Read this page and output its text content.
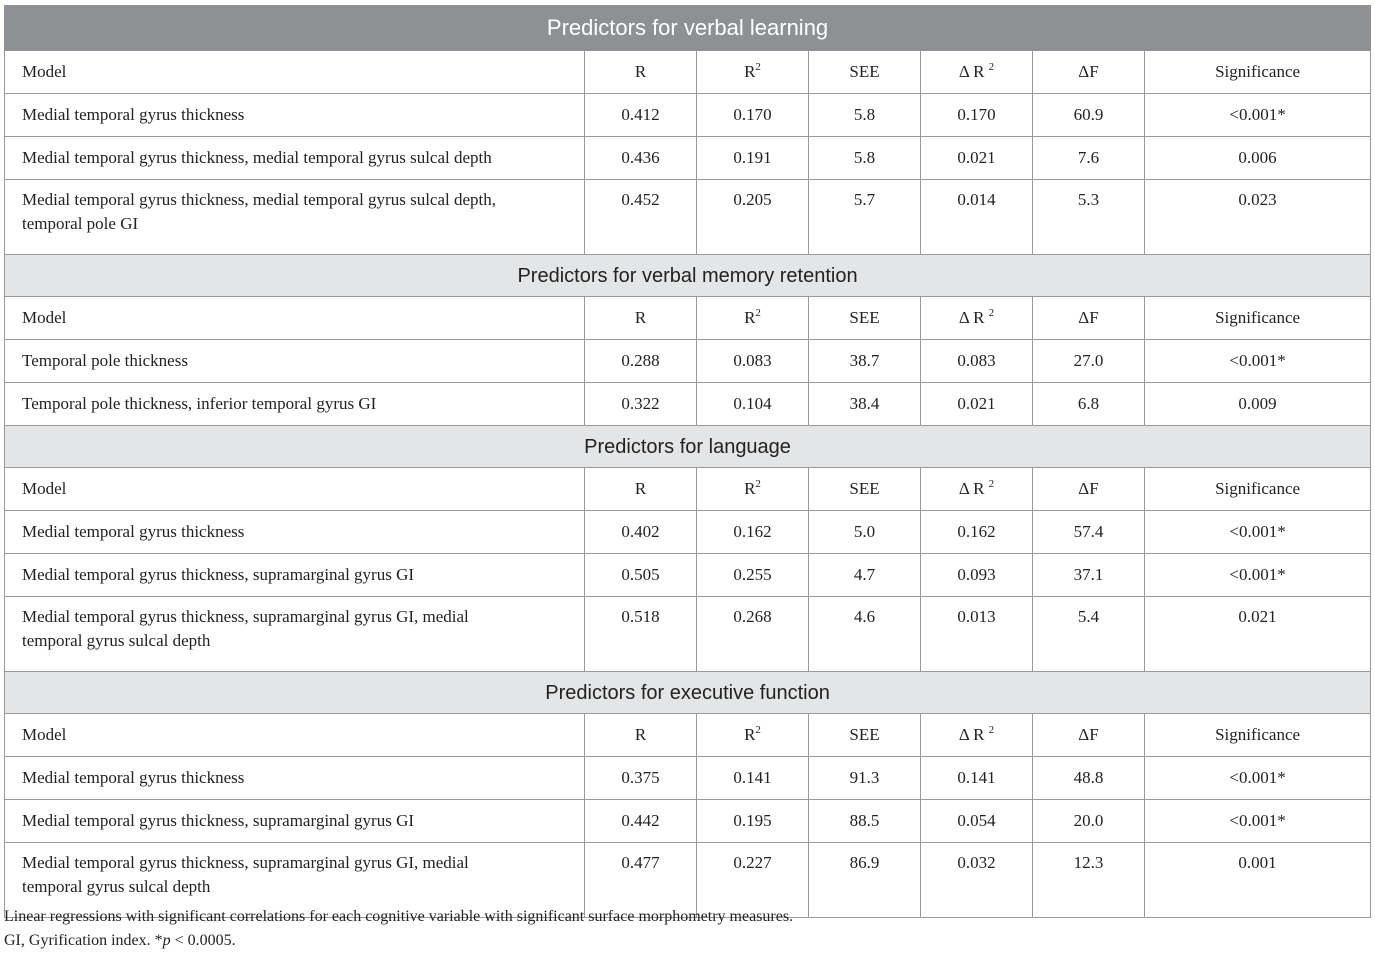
Predictors for verbal learning						
Model	R	$R^2$	SEE	Δ R $^2$	ΔF	Significance
Medial temporal gyrus thickness	0.412	0.170	5.8	0.170	60.9	<0.001*
Medial temporal gyrus thickness, medial temporal gyrus sulcal depth	0.436	0.191	5.8	0.021	7.6	0.006

Medial temporal gyrus thickness, medial temporal gyrus sulcal depth,
temporal pole GI	0.452	0.205	5.7	0.014	5.3	0.023
Predictors for verbal memory retention						
Model	R	$R^2$	SEE	Δ R $^2$	ΔF	Significance
Temporal pole thickness	0.288	0.083	38.7	0.083	27.0	<0.001*
Temporal pole thickness, inferior temporal gyrus GI	0.322	0.104	38.4	0.021	6.8	0.009
Predictors for language						
Model	R	$R^2$	SEE	Δ R $^2$	ΔF	Significance
Medial temporal gyrus thickness	0.402	0.162	5.0	0.162	57.4	<0.001*
Medial temporal gyrus thickness, supramarginal gyrus GI	0.505	0.255	4.7	0.093	37.1	<0.001*

Medial temporal gyrus thickness, supramarginal gyrus GI, medial
temporal gyrus sulcal depth	0.518	0.268	4.6	0.013	5.4	0.021
Predictors for executive function						
Model	R	$R^2$	SEE	Δ R $^2$	ΔF	Significance
Medial temporal gyrus thickness	0.375	0.141	91.3	0.141	48.8	<0.001*
Medial temporal gyrus thickness, supramarginal gyrus GI	0.442	0.195	88.5	0.054	20.0	<0.001*

Medial temporal gyrus thickness, supramarginal gyrus GI, medial
temporal gyrus sulcal depth	0.477	0.227	86.9	0.032	12.3	0.001
Linear regressions with significant correlations for each cognitive variable with significant surface morphometry measures.
GI, Gyrification index. *p < 0.0005.
